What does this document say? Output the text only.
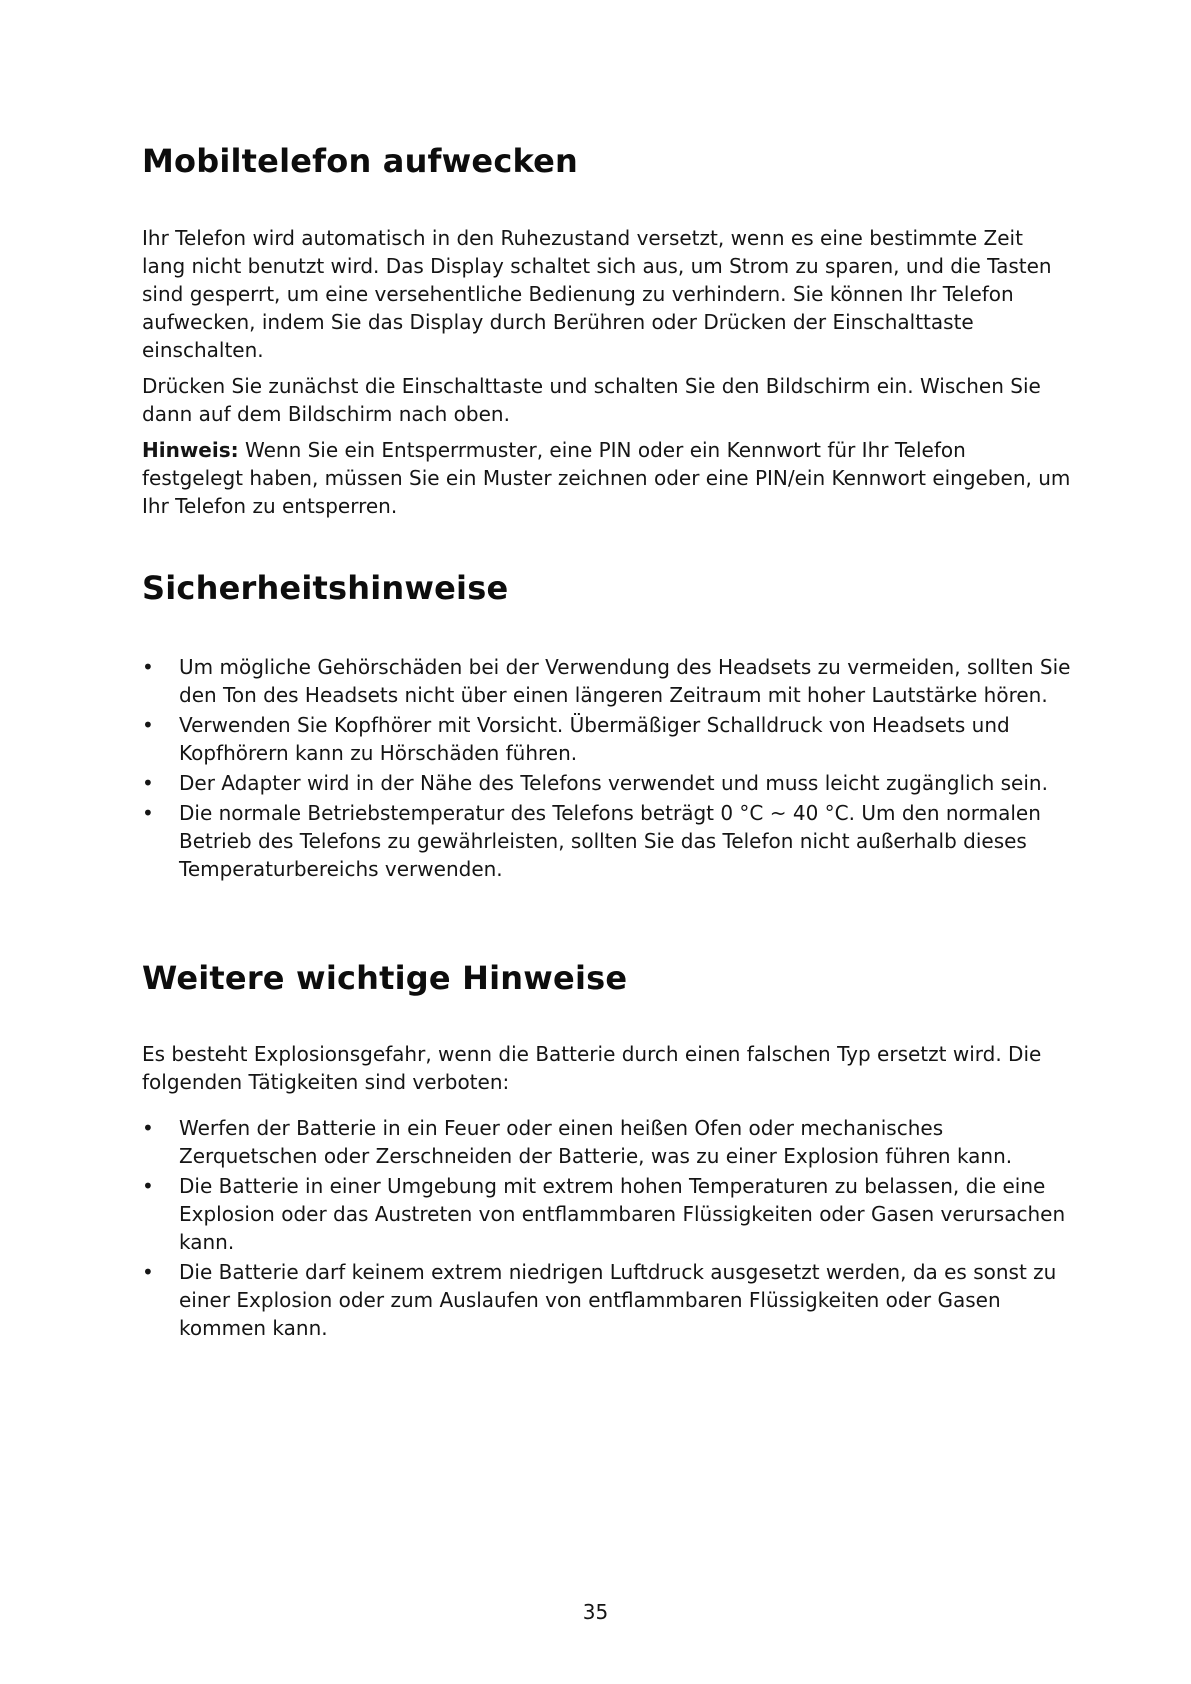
Mobiltelefon aufwecken

Ihr Telefon wird automatisch in den Ruhezustand versetzt, wenn es eine bestimmte Zeit lang nicht benutzt wird. Das Display schaltet sich aus, um Strom zu sparen, und die Tasten sind gesperrt, um eine versehentliche Bedienung zu verhindern. Sie können Ihr Telefon aufwecken, indem Sie das Display durch Berühren oder Drücken der Einschalttaste einschalten.

Drücken Sie zunächst die Einschalttaste und schalten Sie den Bildschirm ein. Wischen Sie dann auf dem Bildschirm nach oben.

Hinweis: Wenn Sie ein Entsperrmuster, eine PIN oder ein Kennwort für Ihr Telefon festgelegt haben, müssen Sie ein Muster zeichnen oder eine PIN/ein Kennwort eingeben, um Ihr Telefon zu entsperren.

Sicherheitshinweise
•	Um mögliche Gehörschäden bei der Verwendung des Headsets zu vermeiden, sollten Sie den Ton des Headsets nicht über einen längeren Zeitraum mit hoher Lautstärke hören.
•	Verwenden Sie Kopfhörer mit Vorsicht. Übermäßiger Schalldruck von Headsets und Kopfhörern kann zu Hörschäden führen.
•	Der Adapter wird in der Nähe des Telefons verwendet und muss leicht zugänglich sein.
•	Die normale Betriebstemperatur des Telefons beträgt 0 °C ~ 40 °C. Um den normalen Betrieb des Telefons zu gewährleisten, sollten Sie das Telefon nicht außerhalb dieses Temperaturbereichs verwenden.
Weitere wichtige Hinweise

Es besteht Explosionsgefahr, wenn die Batterie durch einen falschen Typ ersetzt wird. Die folgenden Tätigkeiten sind verboten:

•	Werfen der Batterie in ein Feuer oder einen heißen Ofen oder mechanisches Zerquetschen oder Zerschneiden der Batterie, was zu einer Explosion führen kann.
•	Die Batterie in einer Umgebung mit extrem hohen Temperaturen zu belassen, die eine Explosion oder das Austreten von entflammbaren Flüssigkeiten oder Gasen verursachen kann.
•	Die Batterie darf keinem extrem niedrigen Luftdruck ausgesetzt werden, da es sonst zu einer Explosion oder zum Auslaufen von entflammbaren Flüssigkeiten oder Gasen kommen kann.
35
